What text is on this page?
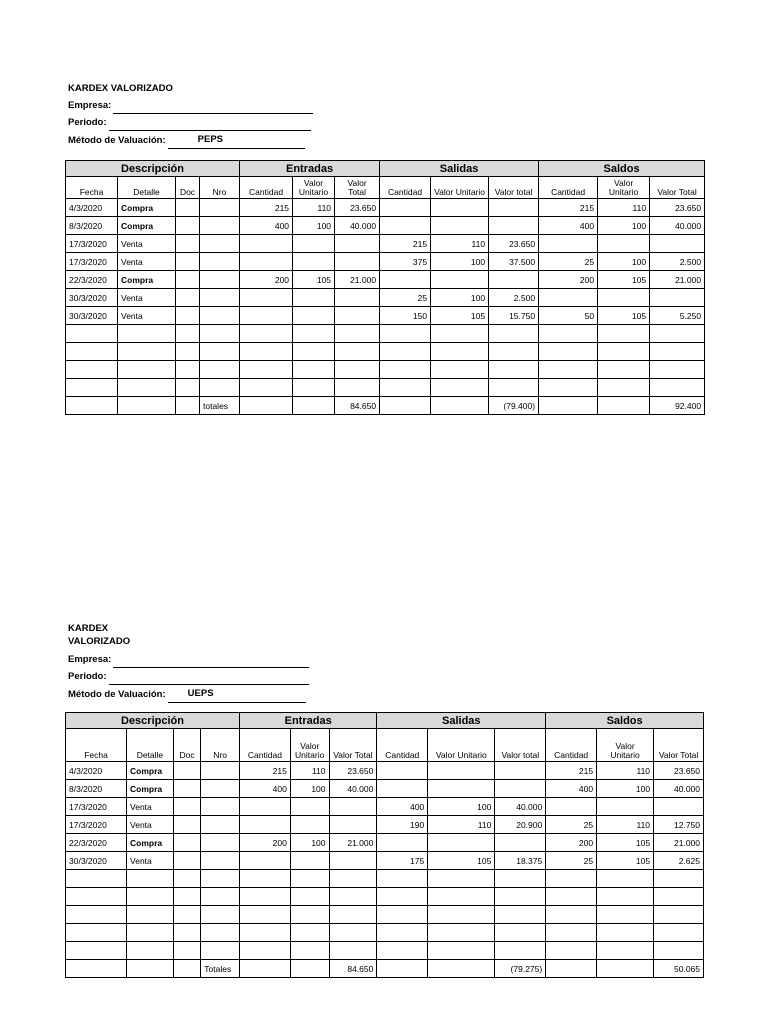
KARDEX VALORIZADO
Empresa:
Periodo:
Método de Valuación:	PEPS
Descripción				Entradas			Salidas			Saldos		
Fecha	Detalle	Doc	Nro	Cantidad	Valor Unitario	Valor Total	Cantidad	Valor Unitario	Valor total	Cantidad	Valor Unitario	Valor Total
4/3/2020	Compra			215	110	23.650				215	110	23.650
8/3/2020	Compra			400	100	40.000				400	100	40.000
17/3/2020	Venta						215	110	23.650			
17/3/2020	Venta						375	100	37.500	25	100	2.500
22/3/2020	Compra			200	105	21.000				200	105	21.000
30/3/2020	Venta						25	100	2.500			
30/3/2020	Venta						150	105	15.750	50	105	5.250

			totales			84.650			(79.400)			92.400
KARDEX
VALORIZADO
Empresa:
Periodo:
Método de Valuación: UEPS
Descripción				Entradas			Salidas			Saldos		
Fecha	Detalle	Doc	Nro	Cantidad	Valor Unitario	Valor Total	Cantidad	Valor Unitario	Valor total	Cantidad	Valor Unitario	Valor Total
4/3/2020	Compra			215	110	23.650				215	110	23.650
8/3/2020	Compra			400	100	40.000				400	100	40.000
17/3/2020	Venta						400	100	40.000			
17/3/2020	Venta						190	110	20.900	25	110	12.750
22/3/2020	Compra			200	100	21.000				200	105	21.000
30/3/2020	Venta						175	105	18.375	25	105	2.625

			Totales			84.650			(79.275)			50.065
